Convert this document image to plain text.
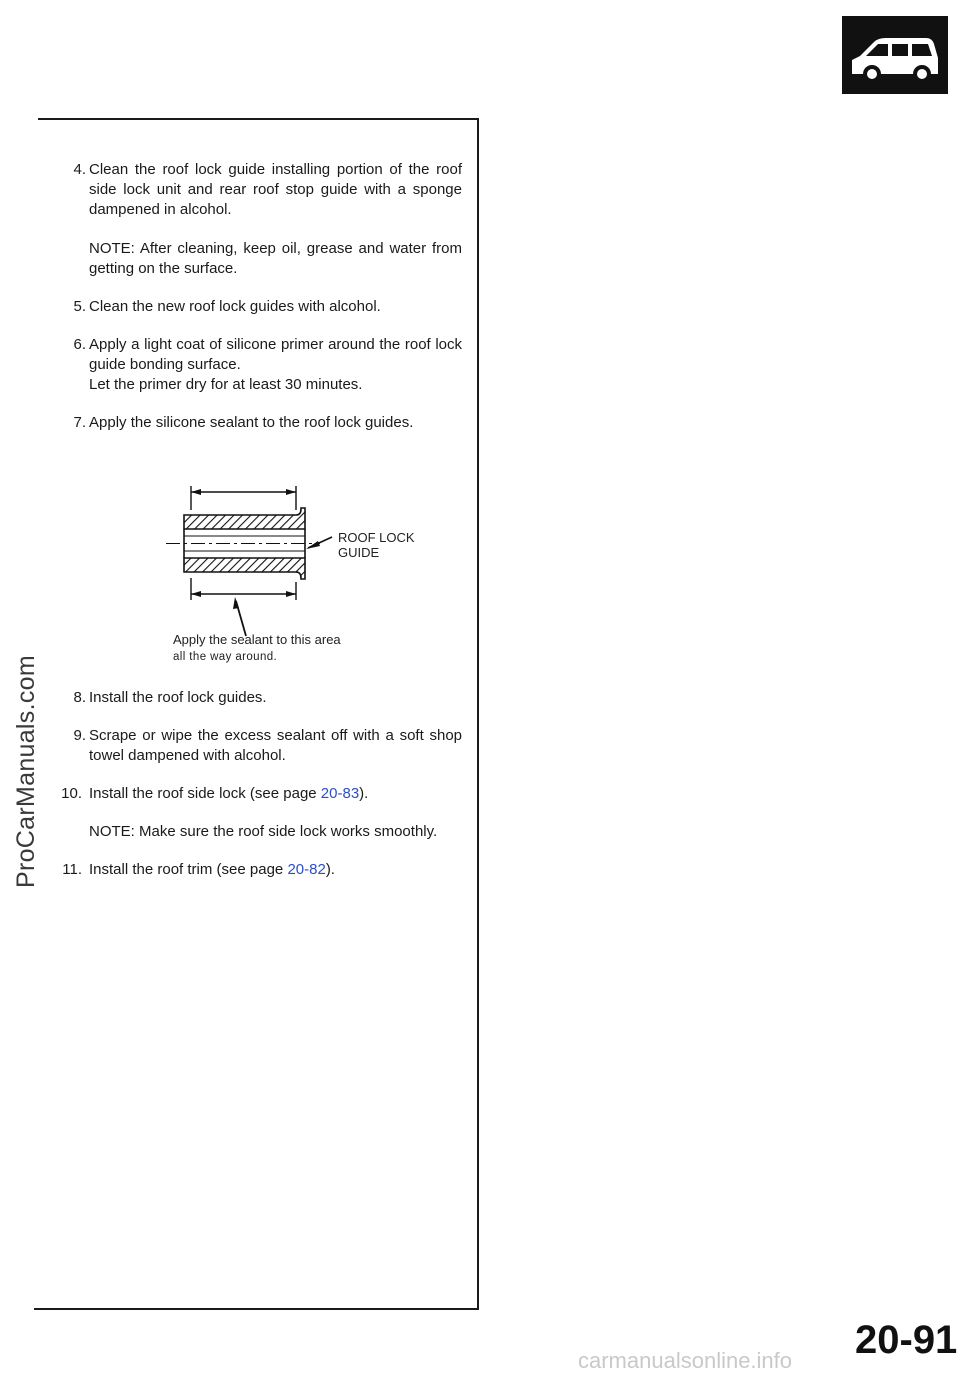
ProCarManuals.com

4. Clean the roof lock guide installing portion of the roof side lock unit and rear roof stop guide with a sponge dampened in alcohol.

NOTE: After cleaning, keep oil, grease and water from getting on the surface.

5. Clean the new roof lock guides with alcohol.

6. Apply a light coat of silicone primer around the roof lock guide bonding surface.
Let the primer dry for at least 30 minutes.

7. Apply the silicone sealant to the roof lock guides.

ROOF LOCK GUIDE
Apply the sealant to this area
all the way around.

8. Install the roof lock guides.

9. Scrape or wipe the excess sealant off with a soft shop towel dampened with alcohol.

10. Install the roof side lock (see page 20-83).

NOTE: Make sure the roof side lock works smoothly.

11. Install the roof trim (see page 20-82).

20-91
carmanualsonline.info
